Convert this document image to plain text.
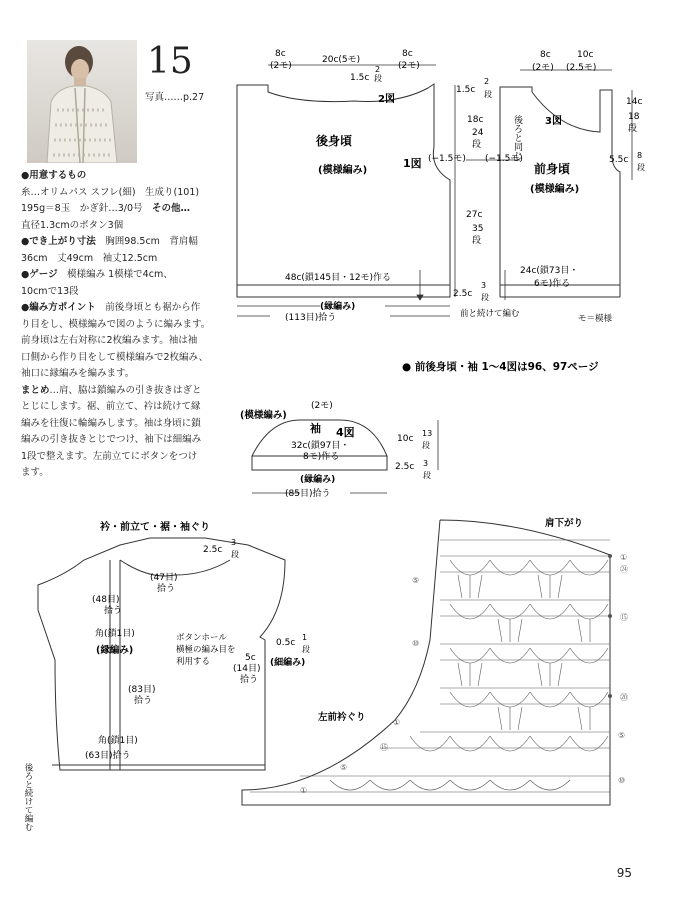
15
写真……p.27

●用意するもの

糸…オリムパス スフレ(細)　生成り(101)

195g＝8玉　かぎ針…3/0号　その他…

直径1.3cmのボタン3個

●でき上がり寸法　胸囲98.5cm　背肩幅

36cm　丈49cm　袖丈12.5cm

●ゲージ　模様編み 1模様で4cm、

10cmで13段

●編み方ポイント　前後身頃とも裾から作

り目をし、模様編みで図のように編みます。

前身頃は左右対称に2枚編みます。袖は袖

口側から作り目をして模様編みで2枚編み、

袖口に縁編みを編みます。

まとめ…肩、脇は鎖編みの引き抜きはぎと

とじにします。裾、前立て、衿は続けて縁

編みを往復に輪編みします。袖は身頃に鎖

編みの引き抜きとじでつけ、袖下は細編み

1段で整えます。左前立てにボタンをつけ

ます。

8c
(2モ)
20c(5モ)
8c
(2モ)
2
段
1.5c
2図
後身頃
(模様編み)
1図 (−1.5モ)
48c(鎖145目・12モ)作る
(縁編み)
(113目)拾う
1.5c
2
段
18c
24
段
27c
35
段
2.5c
3
段
8c
(2モ)
10c
(2.5モ)
後ろと同じ 3図
(−1.5モ)
前身頃
(模様編み)
14c
18
段
5.5c 8
段
24c(鎖73目・
6モ)作る
前と続けて編む	モ＝模様
● 前後身頃・袖 1～4図は96、97ページ
(模様編み)
(2モ)
袖 4図
32c(鎖97目・
8モ)作る
(縁編み)
(85目)拾う
10c
13
段
2.5c 3
段
衿・前立て・裾・袖ぐり
2.5c
3
段
(47目)
拾う
(48目)
拾う
角(鎖1目)
(縁編み)
ボタンホール
横極の編み目を
利用する
0.5c
1
段
(細編み)
5c
(14目)
拾う
(83目)
拾う
角(鎖1目)
(63目)拾う
後ろと続けて編む
肩下がり
左前衿ぐり
①
⑤
⑩
⑮
⑳
㉔
①
⑤
⑩
⑮
⑤
①
95
